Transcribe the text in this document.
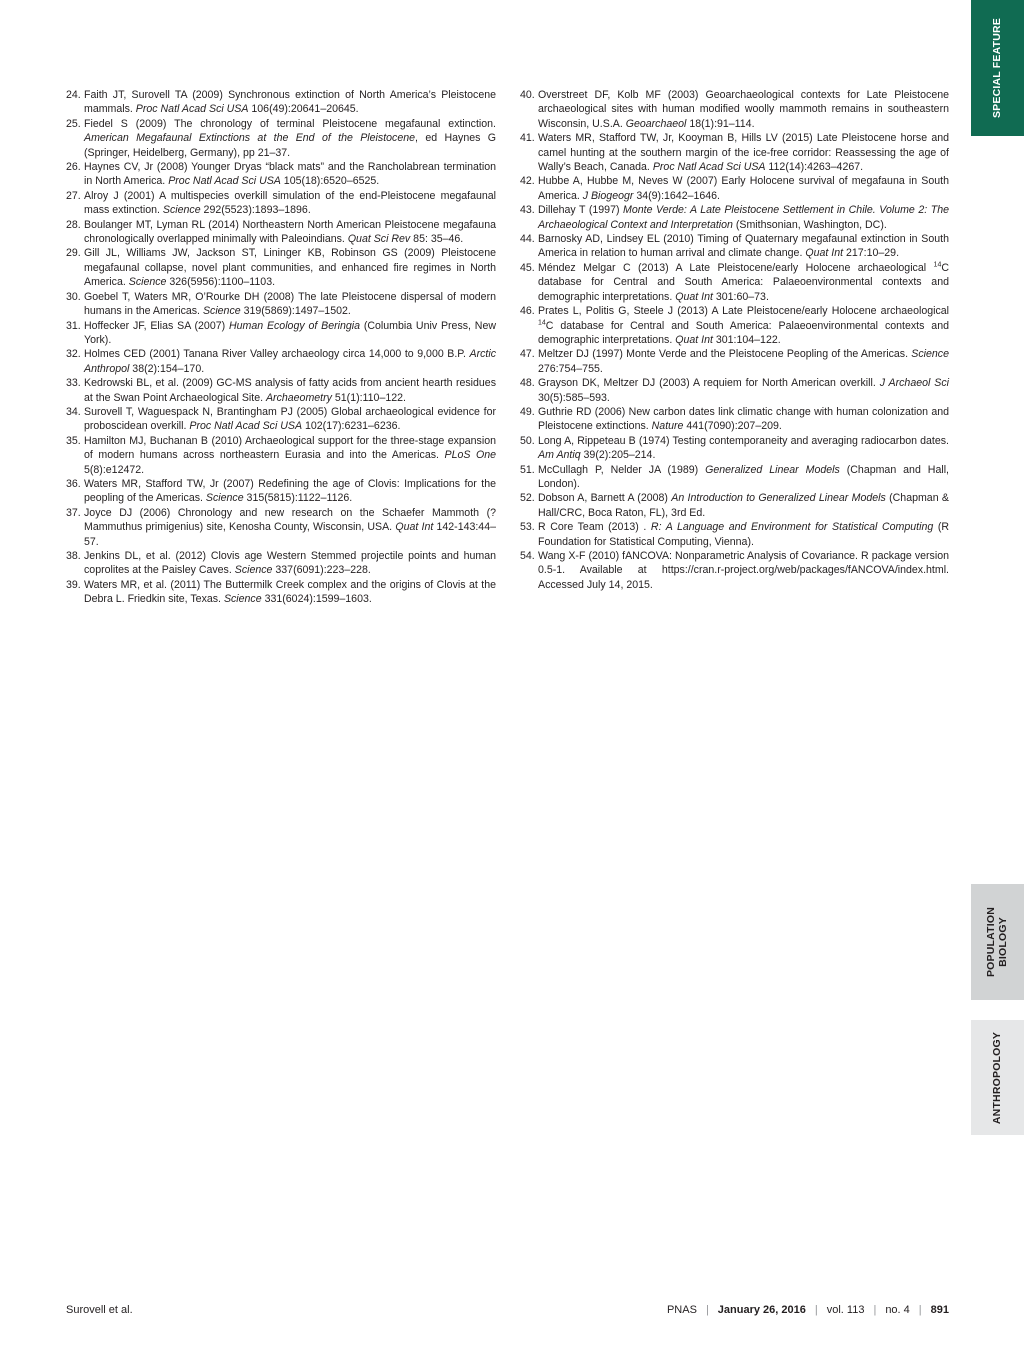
24. Faith JT, Surovell TA (2009) Synchronous extinction of North America’s Pleistocene mammals. Proc Natl Acad Sci USA 106(49):20641–20645.
25. Fiedel S (2009) The chronology of terminal Pleistocene megafaunal extinction. American Megafaunal Extinctions at the End of the Pleistocene, ed Haynes G (Springer, Heidelberg, Germany), pp 21–37.
26. Haynes CV, Jr (2008) Younger Dryas “black mats” and the Rancholabrean termination in North America. Proc Natl Acad Sci USA 105(18):6520–6525.
27. Alroy J (2001) A multispecies overkill simulation of the end-Pleistocene megafaunal mass extinction. Science 292(5523):1893–1896.
28. Boulanger MT, Lyman RL (2014) Northeastern North American Pleistocene megafauna chronologically overlapped minimally with Paleoindians. Quat Sci Rev 85: 35–46.
29. Gill JL, Williams JW, Jackson ST, Lininger KB, Robinson GS (2009) Pleistocene megafaunal collapse, novel plant communities, and enhanced fire regimes in North America. Science 326(5956):1100–1103.
30. Goebel T, Waters MR, O’Rourke DH (2008) The late Pleistocene dispersal of modern humans in the Americas. Science 319(5869):1497–1502.
31. Hoffecker JF, Elias SA (2007) Human Ecology of Beringia (Columbia Univ Press, New York).
32. Holmes CED (2001) Tanana River Valley archaeology circa 14,000 to 9,000 B.P. Arctic Anthropol 38(2):154–170.
33. Kedrowski BL, et al. (2009) GC-MS analysis of fatty acids from ancient hearth residues at the Swan Point Archaeological Site. Archaeometry 51(1):110–122.
34. Surovell T, Waguespack N, Brantingham PJ (2005) Global archaeological evidence for proboscidean overkill. Proc Natl Acad Sci USA 102(17):6231–6236.
35. Hamilton MJ, Buchanan B (2010) Archaeological support for the three-stage expansion of modern humans across northeastern Eurasia and into the Americas. PLoS One 5(8):e12472.
36. Waters MR, Stafford TW, Jr (2007) Redefining the age of Clovis: Implications for the peopling of the Americas. Science 315(5815):1122–1126.
37. Joyce DJ (2006) Chronology and new research on the Schaefer Mammoth (?Mammuthus primigenius) site, Kenosha County, Wisconsin, USA. Quat Int 142-143:44–57.
38. Jenkins DL, et al. (2012) Clovis age Western Stemmed projectile points and human coprolites at the Paisley Caves. Science 337(6091):223–228.
39. Waters MR, et al. (2011) The Buttermilk Creek complex and the origins of Clovis at the Debra L. Friedkin site, Texas. Science 331(6024):1599–1603.
40. Overstreet DF, Kolb MF (2003) Geoarchaeological contexts for Late Pleistocene archaeological sites with human modified woolly mammoth remains in southeastern Wisconsin, U.S.A. Geoarchaeol 18(1):91–114.
41. Waters MR, Stafford TW, Jr, Kooyman B, Hills LV (2015) Late Pleistocene horse and camel hunting at the southern margin of the ice-free corridor: Reassessing the age of Wally’s Beach, Canada. Proc Natl Acad Sci USA 112(14):4263–4267.
42. Hubbe A, Hubbe M, Neves W (2007) Early Holocene survival of megafauna in South America. J Biogeogr 34(9):1642–1646.
43. Dillehay T (1997) Monte Verde: A Late Pleistocene Settlement in Chile. Volume 2: The Archaeological Context and Interpretation (Smithsonian, Washington, DC).
44. Barnosky AD, Lindsey EL (2010) Timing of Quaternary megafaunal extinction in South America in relation to human arrival and climate change. Quat Int 217:10–29.
45. Méndez Melgar C (2013) A Late Pleistocene/early Holocene archaeological $^{14}$C database for Central and South America: Palaeoenvironmental contexts and demographic interpretations. Quat Int 301:60–73.
46. Prates L, Politis G, Steele J (2013) A Late Pleistocene/early Holocene archaeological $^{14}$C database for Central and South America: Palaeoenvironmental contexts and demographic interpretations. Quat Int 301:104–122.
47. Meltzer DJ (1997) Monte Verde and the Pleistocene Peopling of the Americas. Science 276:754–755.
48. Grayson DK, Meltzer DJ (2003) A requiem for North American overkill. J Archaeol Sci 30(5):585–593.
49. Guthrie RD (2006) New carbon dates link climatic change with human colonization and Pleistocene extinctions. Nature 441(7090):207–209.
50. Long A, Rippeteau B (1974) Testing contemporaneity and averaging radiocarbon dates. Am Antiq 39(2):205–214.
51. McCullagh P, Nelder JA (1989) Generalized Linear Models (Chapman and Hall, London).
52. Dobson A, Barnett A (2008) An Introduction to Generalized Linear Models (Chapman & Hall/CRC, Boca Raton, FL), 3rd Ed.
53. R Core Team (2013) . R: A Language and Environment for Statistical Computing (R Foundation for Statistical Computing, Vienna).
54. Wang X-F (2010) fANCOVA: Nonparametric Analysis of Covariance. R package version 0.5-1. Available at https://cran.r-project.org/web/packages/fANCOVA/index.html. Accessed July 14, 2015.
SPECIAL FEATURE
POPULATION
BIOLOGY
ANTHROPOLOGY
Surovell et al.	PNAS | January 26, 2016 | vol. 113 | no. 4 | 891
